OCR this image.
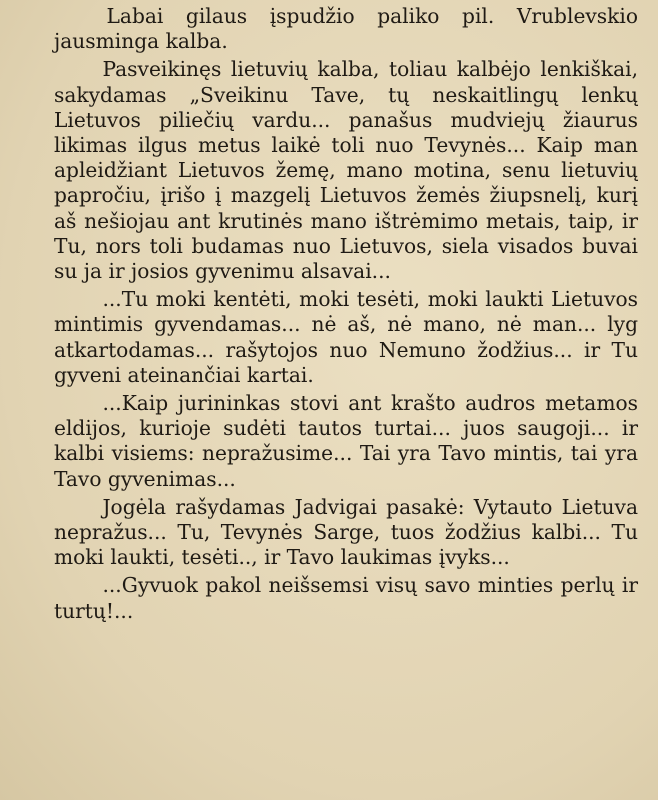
Labai gilaus įspudžio paliko pil. Vrublevskio jausminga kalba.

Pasveikinęs lietuvių kalba, toliau kalbėjo lenkiškai, sakydamas „Sveikinu Tave, tų neskaitlingų lenkų Lietuvos piliečių vardu... panašus mudviejų žiaurus likimas ilgus metus laikė toli nuo Tevynės... Kaip man apleidžiant Lietuvos žemę, mano motina, senu lietuvių papročiu, įrišo į mazgelį Lietuvos žemės žiupsnelį, kurį aš nešiojau ant krutinės mano ištrėmimo metais, taip, ir Tu, nors toli budamas nuo Lietuvos, siela visados buvai su ja ir josios gyvenimu alsavai...

...Tu moki kentėti, moki tesėti, moki laukti Lietuvos mintimis gyvendamas... nė aš, nė mano, nė man... lyg atkartodamas... rašytojos nuo Nemuno žodžius... ir Tu gyveni ateinančiai kartai.

...Kaip jurininkas stovi ant krašto audros metamos eldijos, kurioje sudėti tautos turtai... juos saugoji... ir kalbi visiems: nepražusime... Tai yra Tavo mintis, tai yra Tavo gyvenimas...

Jogėla rašydamas Jadvigai pasakė: Vytauto Lietuva nepražus... Tu, Tevynės Sarge, tuos žodžius kalbi... Tu moki laukti, tesėti.., ir Tavo laukimas įvyks...

...Gyvuok pakol neišsemsi visų savo minties perlų ir turtų!...
